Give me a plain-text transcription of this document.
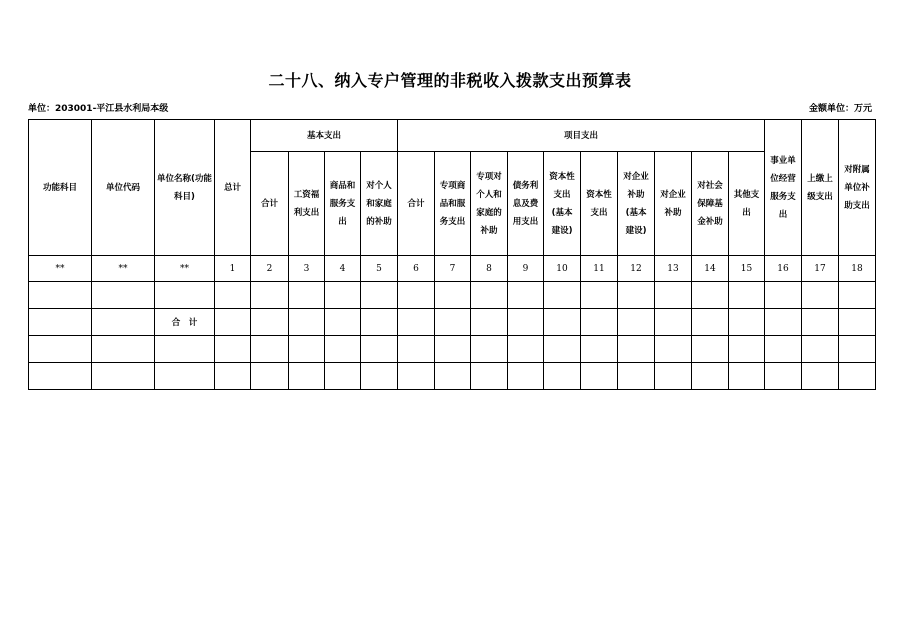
二十八、纳入专户管理的非税收入拨款支出预算表
单位：203001-平江县水利局本级	金额单位：万元
功能科目	单位代码	单位名称(功能科目)	总计	基本支出				项目支出										事业单位经营服务支出	上缴上级支出	对附属单位补助支出
				合计	工资福利支出	商品和服务支出	对个人和家庭的补助	合计	专项商品和服务支出	专项对个人和家庭的补助	债务利息及费用支出	资本性支出(基本建设)	资本性支出	对企业补助(基本建设)	对企业补助	对社会保障基金补助	其他支出			
**	**	**	1	2	3	4	5	6	7	8	9	10	11	12	13	14	15	16	17	18

		合　计																		
